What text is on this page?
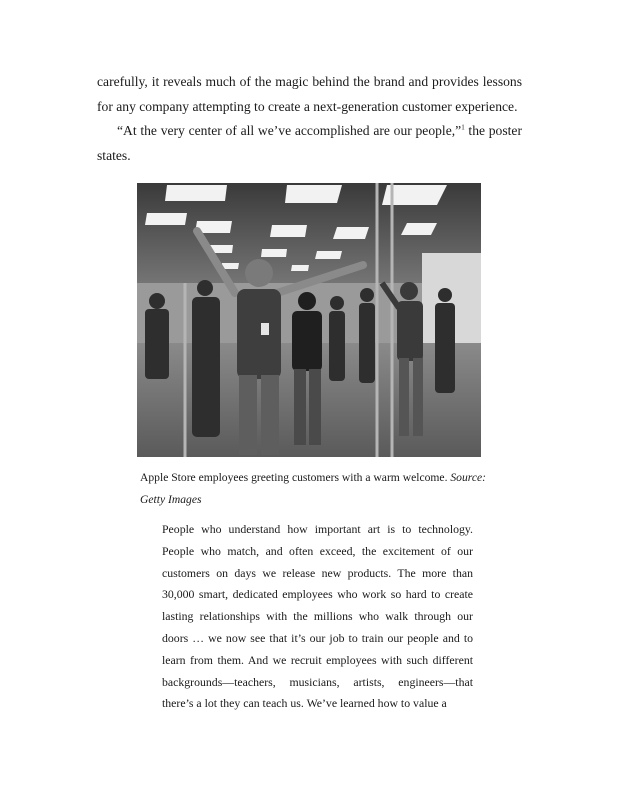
carefully, it reveals much of the magic behind the brand and provides lessons for any company attempting to create a next-generation customer experience.

“At the very center of all we’ve accomplished are our people,”$^1$ the poster states.

Apple Store employees greeting customers with a warm welcome. Source: Getty Images

People who understand how important art is to technology. People who match, and often exceed, the excitement of our customers on days we release new products. The more than 30,000 smart, dedicated employees who work so hard to create lasting relationships with the millions who walk through our doors … we now see that it’s our job to train our people and to learn from them. And we recruit employees with such different backgrounds—teachers, musicians, artists, engineers—that there’s a lot they can teach us. We’ve learned how to value a
